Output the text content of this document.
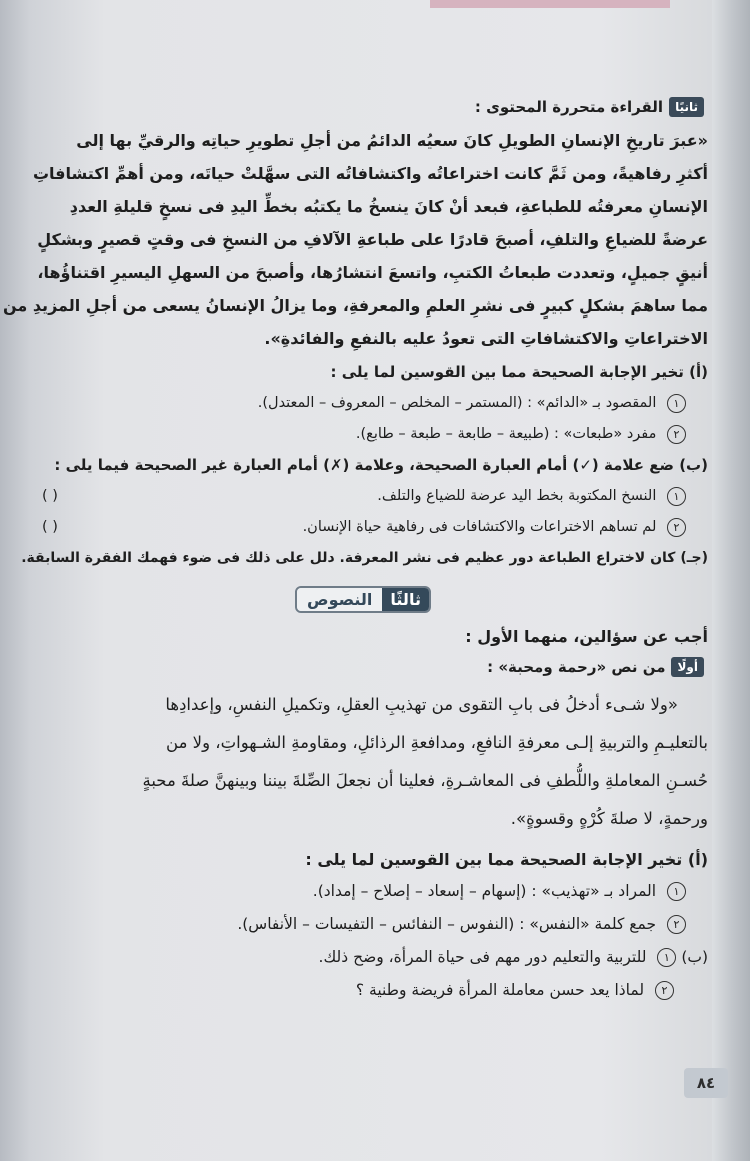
ثانيًا
القراءة متحررة المحتوى :
«عبرَ تاريخِ الإنسانِ الطويلِ كانَ سعيُه الدائمُ من أجلِ تطويرِ حياتِه والرقيِّ بها إلى
أكثرِ رفاهيةً، ومن ثَمَّ كانت اختراعاتُه واكتشافاتُه التى سهَّلتْ حياتَه، ومن أهمِّ اكتشافاتِ
الإنسانِ معرفتُه للطباعةِ، فبعد أنْ كانَ ينسخُ ما يكتبُه بخطِّ اليدِ فى نسخٍ قليلةِ العددِ
عرضةً للضياعِ والتلفِ، أصبحَ قادرًا على طباعةِ الآلافِ من النسخِ فى وقتٍ قصيرٍ وبشكلٍ
أنيقٍ جميلٍ، وتعددت طبعاتُ الكتبِ، واتسعَ انتشارُها، وأصبحَ من السهلِ اليسيرِ اقتناؤُها،
مما ساهمَ بشكلٍ كبيرٍ فى نشرِ العلمِ والمعرفةِ، وما يزالُ الإنسانُ يسعى من أجلِ المزيدِ من
الاختراعاتِ والاكتشافاتِ التى تعودُ عليه بالنفعِ والفائدةِ».
(أ) تخير الإجابة الصحيحة مما بين القوسين لما يلى :
١ المقصود بـ «الدائم» : (المستمر – المخلص – المعروف – المعتدل).
٢ مفرد «طبعات» : (طبيعة – طابعة – طبعة – طابع).
(ب) ضع علامة (✓) أمام العبارة الصحيحة، وعلامة (✗) أمام العبارة غير الصحيحة فيما يلى :
١ النسخ المكتوبة بخط اليد عرضة للضياع والتلف.
( )
٢ لم تساهم الاختراعات والاكتشافات فى رفاهية حياة الإنسان.
( )
(جـ) كان لاختراع الطباعة دور عظيم فى نشر المعرفة. دلل على ذلك فى ضوء فهمك الفقرة السابقة.
ثالثًا
النصوص
أجب عن سؤالين، منهما الأول :
أولًا
من نص «رحمة ومحبة» :
«ولا شـىء أدخلُ فى بابِ التقوى من تهذيبِ العقلِ، وتكميلِ النفسِ، وإعدادِها
بالتعليـمِ والتربيةِ إلـى معرفةِ النافعِ، ومدافعةِ الرذائلِ، ومقاومةِ الشـهواتِ، ولا من
حُسـنِ المعاملةِ واللُّطفِ فى المعاشـرةِ، فعلينا أن نجعلَ الصِّلةَ بيننا وبينهنَّ صلةَ محبةٍ
ورحمةٍ، لا صلةَ كُرْهٍ وقسوةٍ».
(أ) تخير الإجابة الصحيحة مما بين القوسين لما يلى :
١ المراد بـ «تهذيب» : (إسهام – إسعاد – إصلاح – إمداد).
٢ جمع كلمة «النفس» : (النفوس – النفائس – التفيسات – الأنفاس).
(ب) ١ للتربية والتعليم دور مهم فى حياة المرأة، وضح ذلك.
٢ لماذا يعد حسن معاملة المرأة فريضة وطنية ؟
٨٤
